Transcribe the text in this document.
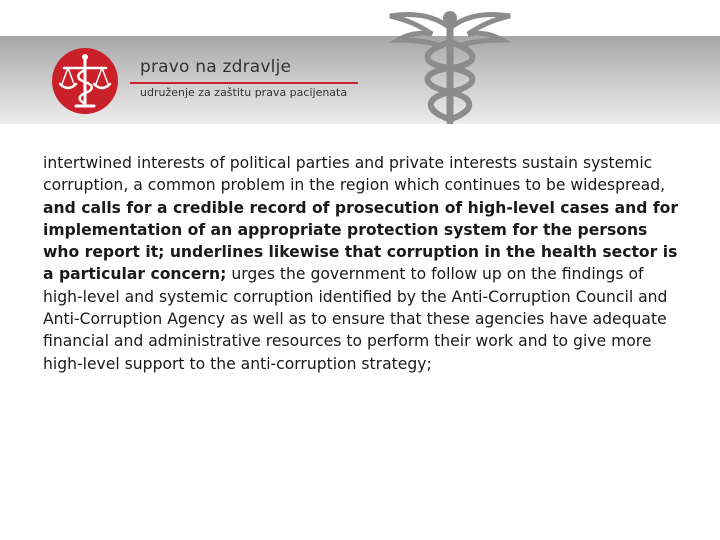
pravo na zdravlje

udruženje za zaštitu prava pacijenata

intertwined interests of political parties and private interests sustain systemic corruption, a common problem in the region which continues to be widespread, and calls for a credible record of prosecution of high-level cases and for implementation of an appropriate protection system for the persons who report it; underlines likewise that corruption in the health sector is a particular concern; urges the government to follow up on the findings of high-level and systemic corruption identified by the Anti-Corruption Council and Anti-Corruption Agency as well as to ensure that these agencies have adequate financial and administrative resources to perform their work and to give more high-level support to the anti-corruption strategy;
